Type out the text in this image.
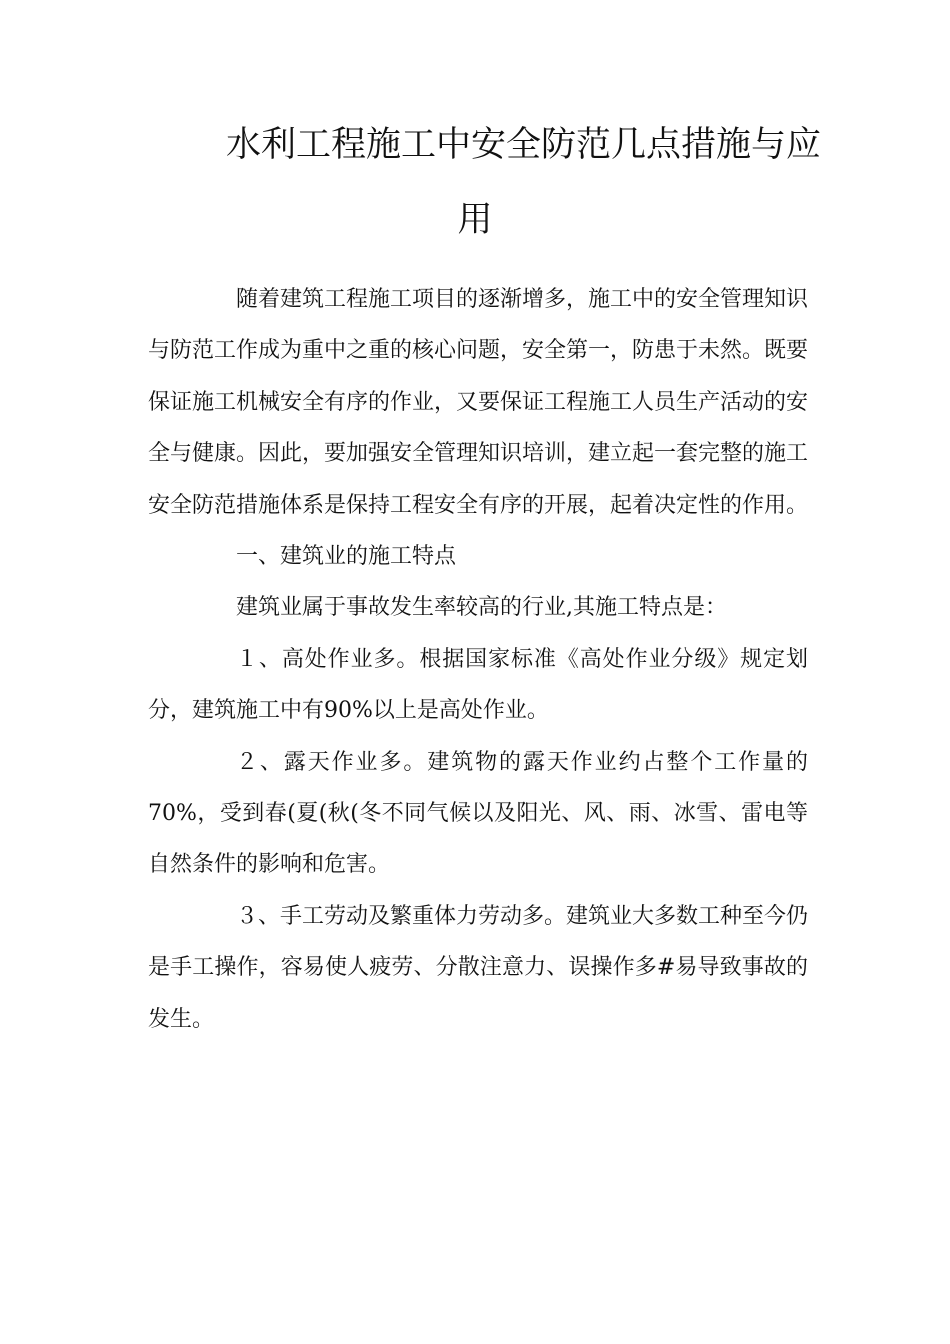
水利工程施工中安全防范几点措施与应
用

随着建筑工程施工项目的逐渐增多，施工中的安全管理知识与防范工作成为重中之重的核心问题，安全第一，防患于未然。既要保证施工机械安全有序的作业，又要保证工程施工人员生产活动的安全与健康。因此，要加强安全管理知识培训，建立起一套完整的施工安全防范措施体系是保持工程安全有序的开展，起着决定性的作用。

一、建筑业的施工特点

建筑业属于事故发生率较高的行业,其施工特点是：

１、高处作业多。根据国家标准《高处作业分级》规定划分，建筑施工中有90%以上是高处作业。

２、露天作业多。建筑物的露天作业约占整个工作量的70%，受到春(夏(秋(冬不同气候以及阳光、风、雨、冰雪、雷电等自然条件的影响和危害。

３、手工劳动及繁重体力劳动多。建筑业大多数工种至今仍是手工操作，容易使人疲劳、分散注意力、误操作多#易导致事故的发生。
